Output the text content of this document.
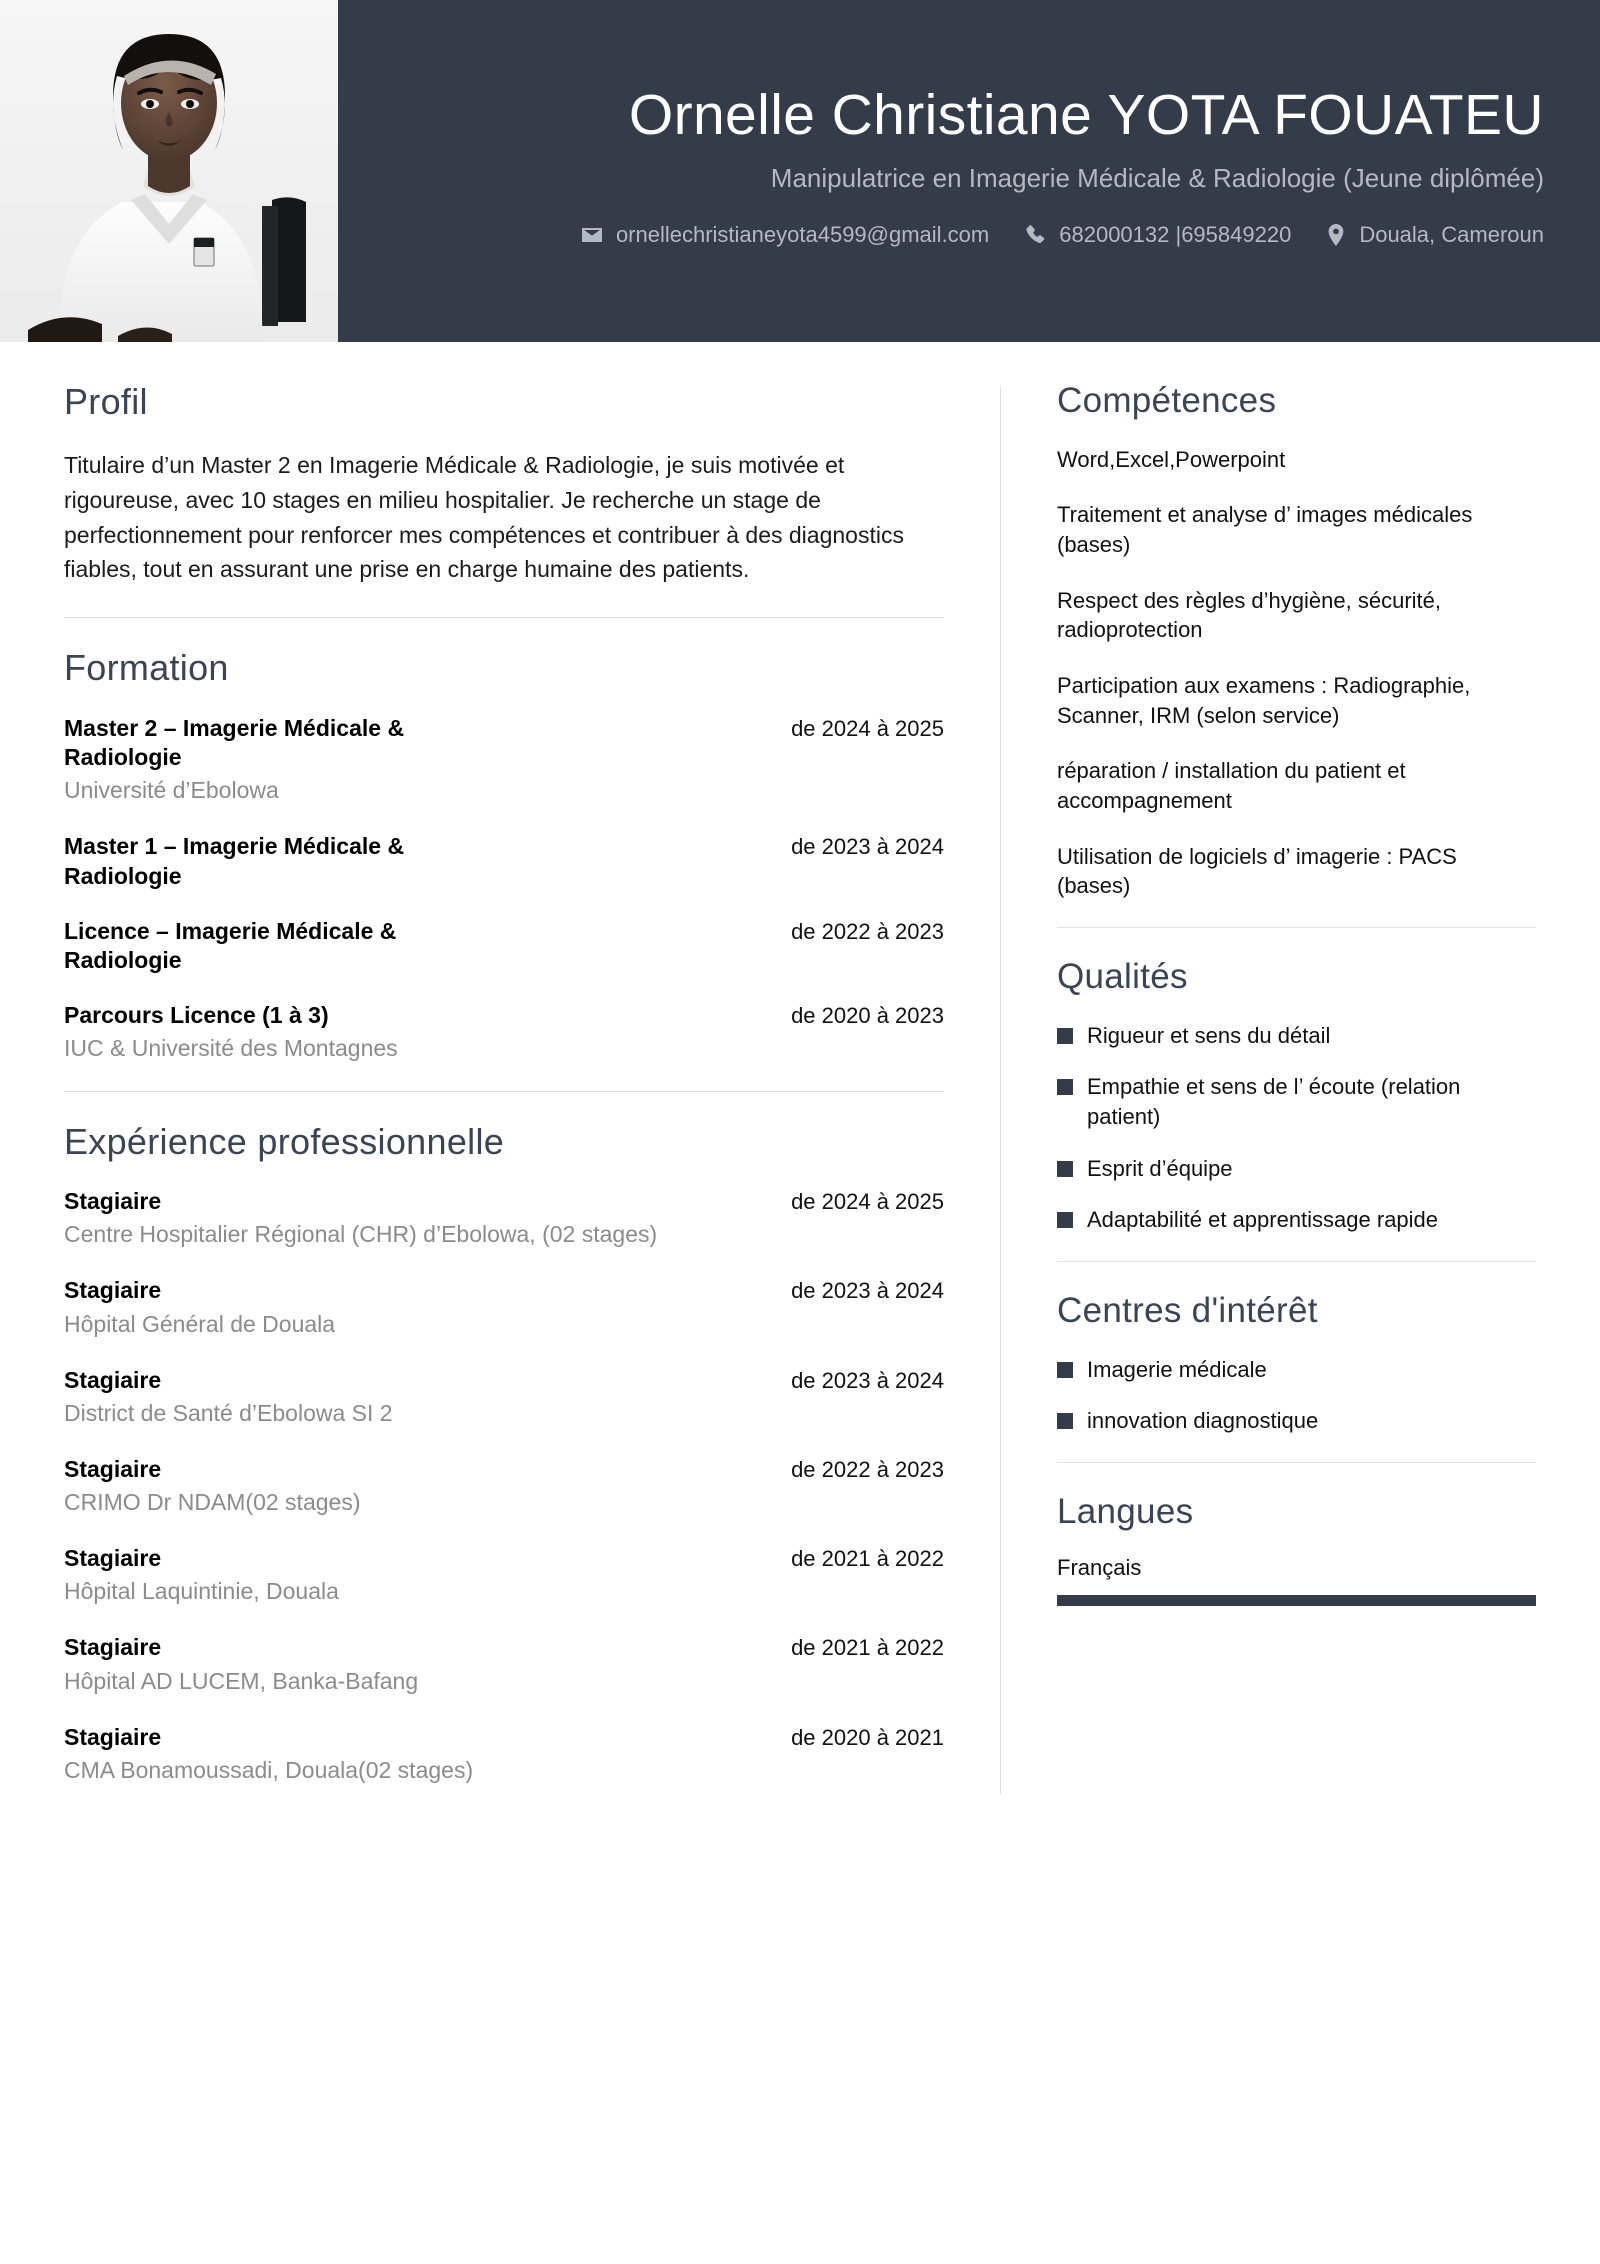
Ornelle Christiane YOTA FOUATEU
Manipulatrice en Imagerie Médicale & Radiologie (Jeune diplômée)
ornellechristianeyota4599@gmail.com	682000132 |695849220	Douala, Cameroun
Profil

Titulaire d’un Master 2 en Imagerie Médicale & Radiologie, je suis motivée et rigoureuse, avec 10 stages en milieu hospitalier. Je recherche un stage de perfectionnement pour renforcer mes compétences et contribuer à des diagnostics fiables, tout en assurant une prise en charge humaine des patients.

Formation
Master 2 – Imagerie Médicale & Radiologie
Université d’Ebolowa
de 2024 à 2025
Master 1 – Imagerie Médicale & Radiologie
de 2023 à 2024
Licence – Imagerie Médicale & Radiologie
de 2022 à 2023
Parcours Licence (1 à 3)
IUC & Université des Montagnes
de 2020 à 2023
Expérience professionnelle
Stagiaire
Centre Hospitalier Régional (CHR) d’Ebolowa, (02 stages)
de 2024 à 2025
Stagiaire
Hôpital Général de Douala
de 2023 à 2024
Stagiaire
District de Santé d’Ebolowa SI 2
de 2023 à 2024
Stagiaire
CRIMO Dr NDAM(02 stages)
de 2022 à 2023
Stagiaire
Hôpital Laquintinie, Douala
de 2021 à 2022
Stagiaire
Hôpital AD LUCEM, Banka-Bafang
de 2021 à 2022
Stagiaire
CMA Bonamoussadi, Douala(02 stages)
de 2020 à 2021
Compétences
Word,Excel,Powerpoint
Traitement et analyse d’ images médicales (bases)
Respect des règles d’hygiène, sécurité, radioprotection
Participation aux examens : Radiographie, Scanner, IRM (selon service)
réparation / installation du patient et accompagnement
Utilisation de logiciels d’ imagerie : PACS (bases)
Qualités
Rigueur et sens du détail
Empathie et sens de l’ écoute (relation patient)
Esprit d’équipe
Adaptabilité et apprentissage rapide
Centres d'intérêt
Imagerie médicale
innovation diagnostique
Langues
Français
